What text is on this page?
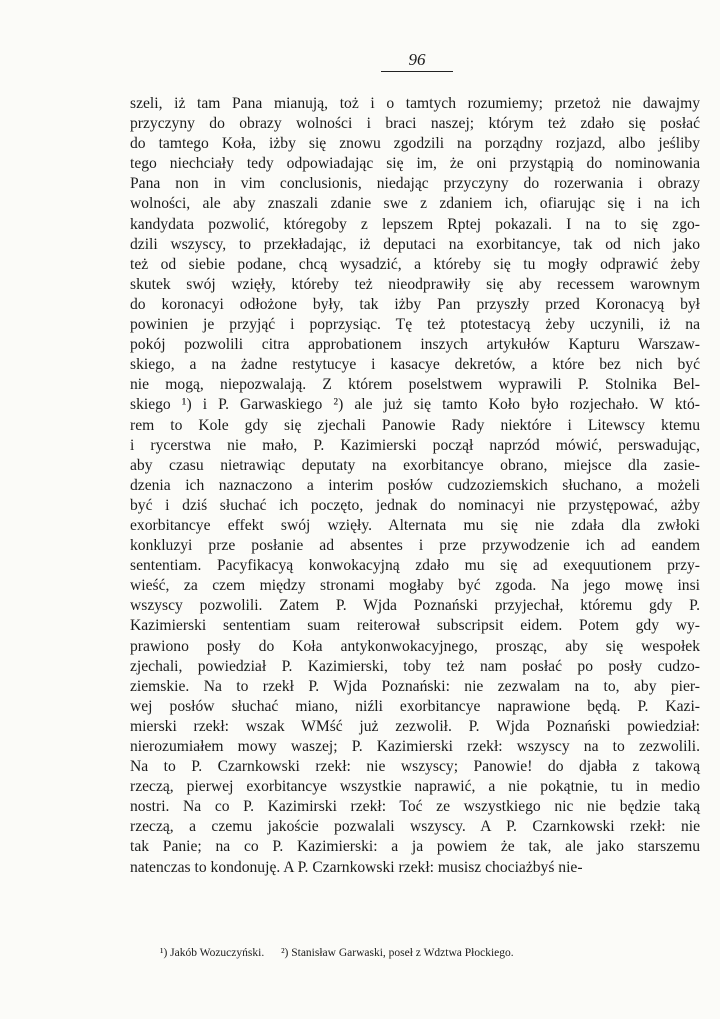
96
szeli, iż tam Pana mianują, toż i o tamtych rozumiemy; przetoż nie dawajmy
przyczyny do obrazy wolności i braci naszej; którym też zdało się posłać
do tamtego Koła, iżby się znowu zgodzili na porządny rozjazd, albo jeśliby
tego niechciały tedy odpowiadając się im, że oni przystąpią do nominowania
Pana non in vim conclusionis, niedając przyczyny do rozerwania i obrazy
wolności, ale aby znaszali zdanie swe z zdaniem ich, ofiarując się i na ich
kandydata pozwolić, któregoby z lepszem Rptej pokazali. I na to się zgo-
dzili wszyscy, to przekładając, iż deputaci na exorbitancye, tak od nich jako
też od siebie podane, chcą wysadzić, a któreby się tu mogły odprawić żeby
skutek swój wzięły, któreby też nieodprawiły się aby recessem warownym
do koronacyi odłożone były, tak iżby Pan przyszły przed Koronacyą był
powinien je przyjąć i poprzysiąc. Tę też ptotestacyą żeby uczynili, iż na
pokój pozwolili citra approbationem inszych artykułów Kapturu Warszaw-
skiego, a na żadne restytucye i kasacye dekretów, a które bez nich być
nie mogą, niepozwalają. Z którem poselstwem wyprawili P. Stolnika Bel-
skiego ¹) i P. Garwaskiego ²) ale już się tamto Koło było rozjechało. W któ-
rem to Kole gdy się zjechali Panowie Rady niektóre i Litewscy ktemu
i rycerstwa nie mało, P. Kazimierski począł naprzód mówić, perswadując,
aby czasu nietrawiąc deputaty na exorbitancye obrano, miejsce dla zasie-
dzenia ich naznaczono a interim posłów cudzoziemskich słuchano, a możeli
być i dziś słuchać ich poczęto, jednak do nominacyi nie przystępować, ażby
exorbitancye effekt swój wzięły. Alternata mu się nie zdała dla zwłoki
konkluzyi prze posłanie ad absentes i prze przywodzenie ich ad eandem
sententiam. Pacyfikacyą konwokacyjną zdało mu się ad exequutionem przy-
wieść, za czem między stronami mogłaby być zgoda. Na jego mowę insi
wszyscy pozwolili. Zatem P. Wjda Poznański przyjechał, któremu gdy P.
Kazimierski sententiam suam reiterował subscripsit eidem. Potem gdy wy-
prawiono posły do Koła antykonwokacyjnego, prosząc, aby się wespołek
zjechali, powiedział P. Kazimierski, toby też nam posłać po posły cudzo-
ziemskie. Na to rzekł P. Wjda Poznański: nie zezwalam na to, aby pier-
wej posłów słuchać miano, niźli exorbitancye naprawione będą. P. Kazi-
mierski rzekł: wszak WMść już zezwolił. P. Wjda Poznański powiedział:
nierozumiałem mowy waszej; P. Kazimierski rzekł: wszyscy na to zezwolili.
Na to P. Czarnkowski rzekł: nie wszyscy; Panowie! do djabła z takową
rzeczą, pierwej exorbitancye wszystkie naprawić, a nie pokątnie, tu in medio
nostri. Na co P. Kazimirski rzekł: Toć ze wszystkiego nic nie będzie taką
rzeczą, a czemu jakoście pozwalali wszyscy. A P. Czarnkowski rzekł: nie
tak Panie; na co P. Kazimierski: a ja powiem że tak, ale jako starszemu
natenczas to kondonuję. A P. Czarnkowski rzekł: musisz chociażbyś nie-
¹) Jakób Wozuczyński. ²) Stanisław Garwaski, poseł z Wdztwa Płockiego.
